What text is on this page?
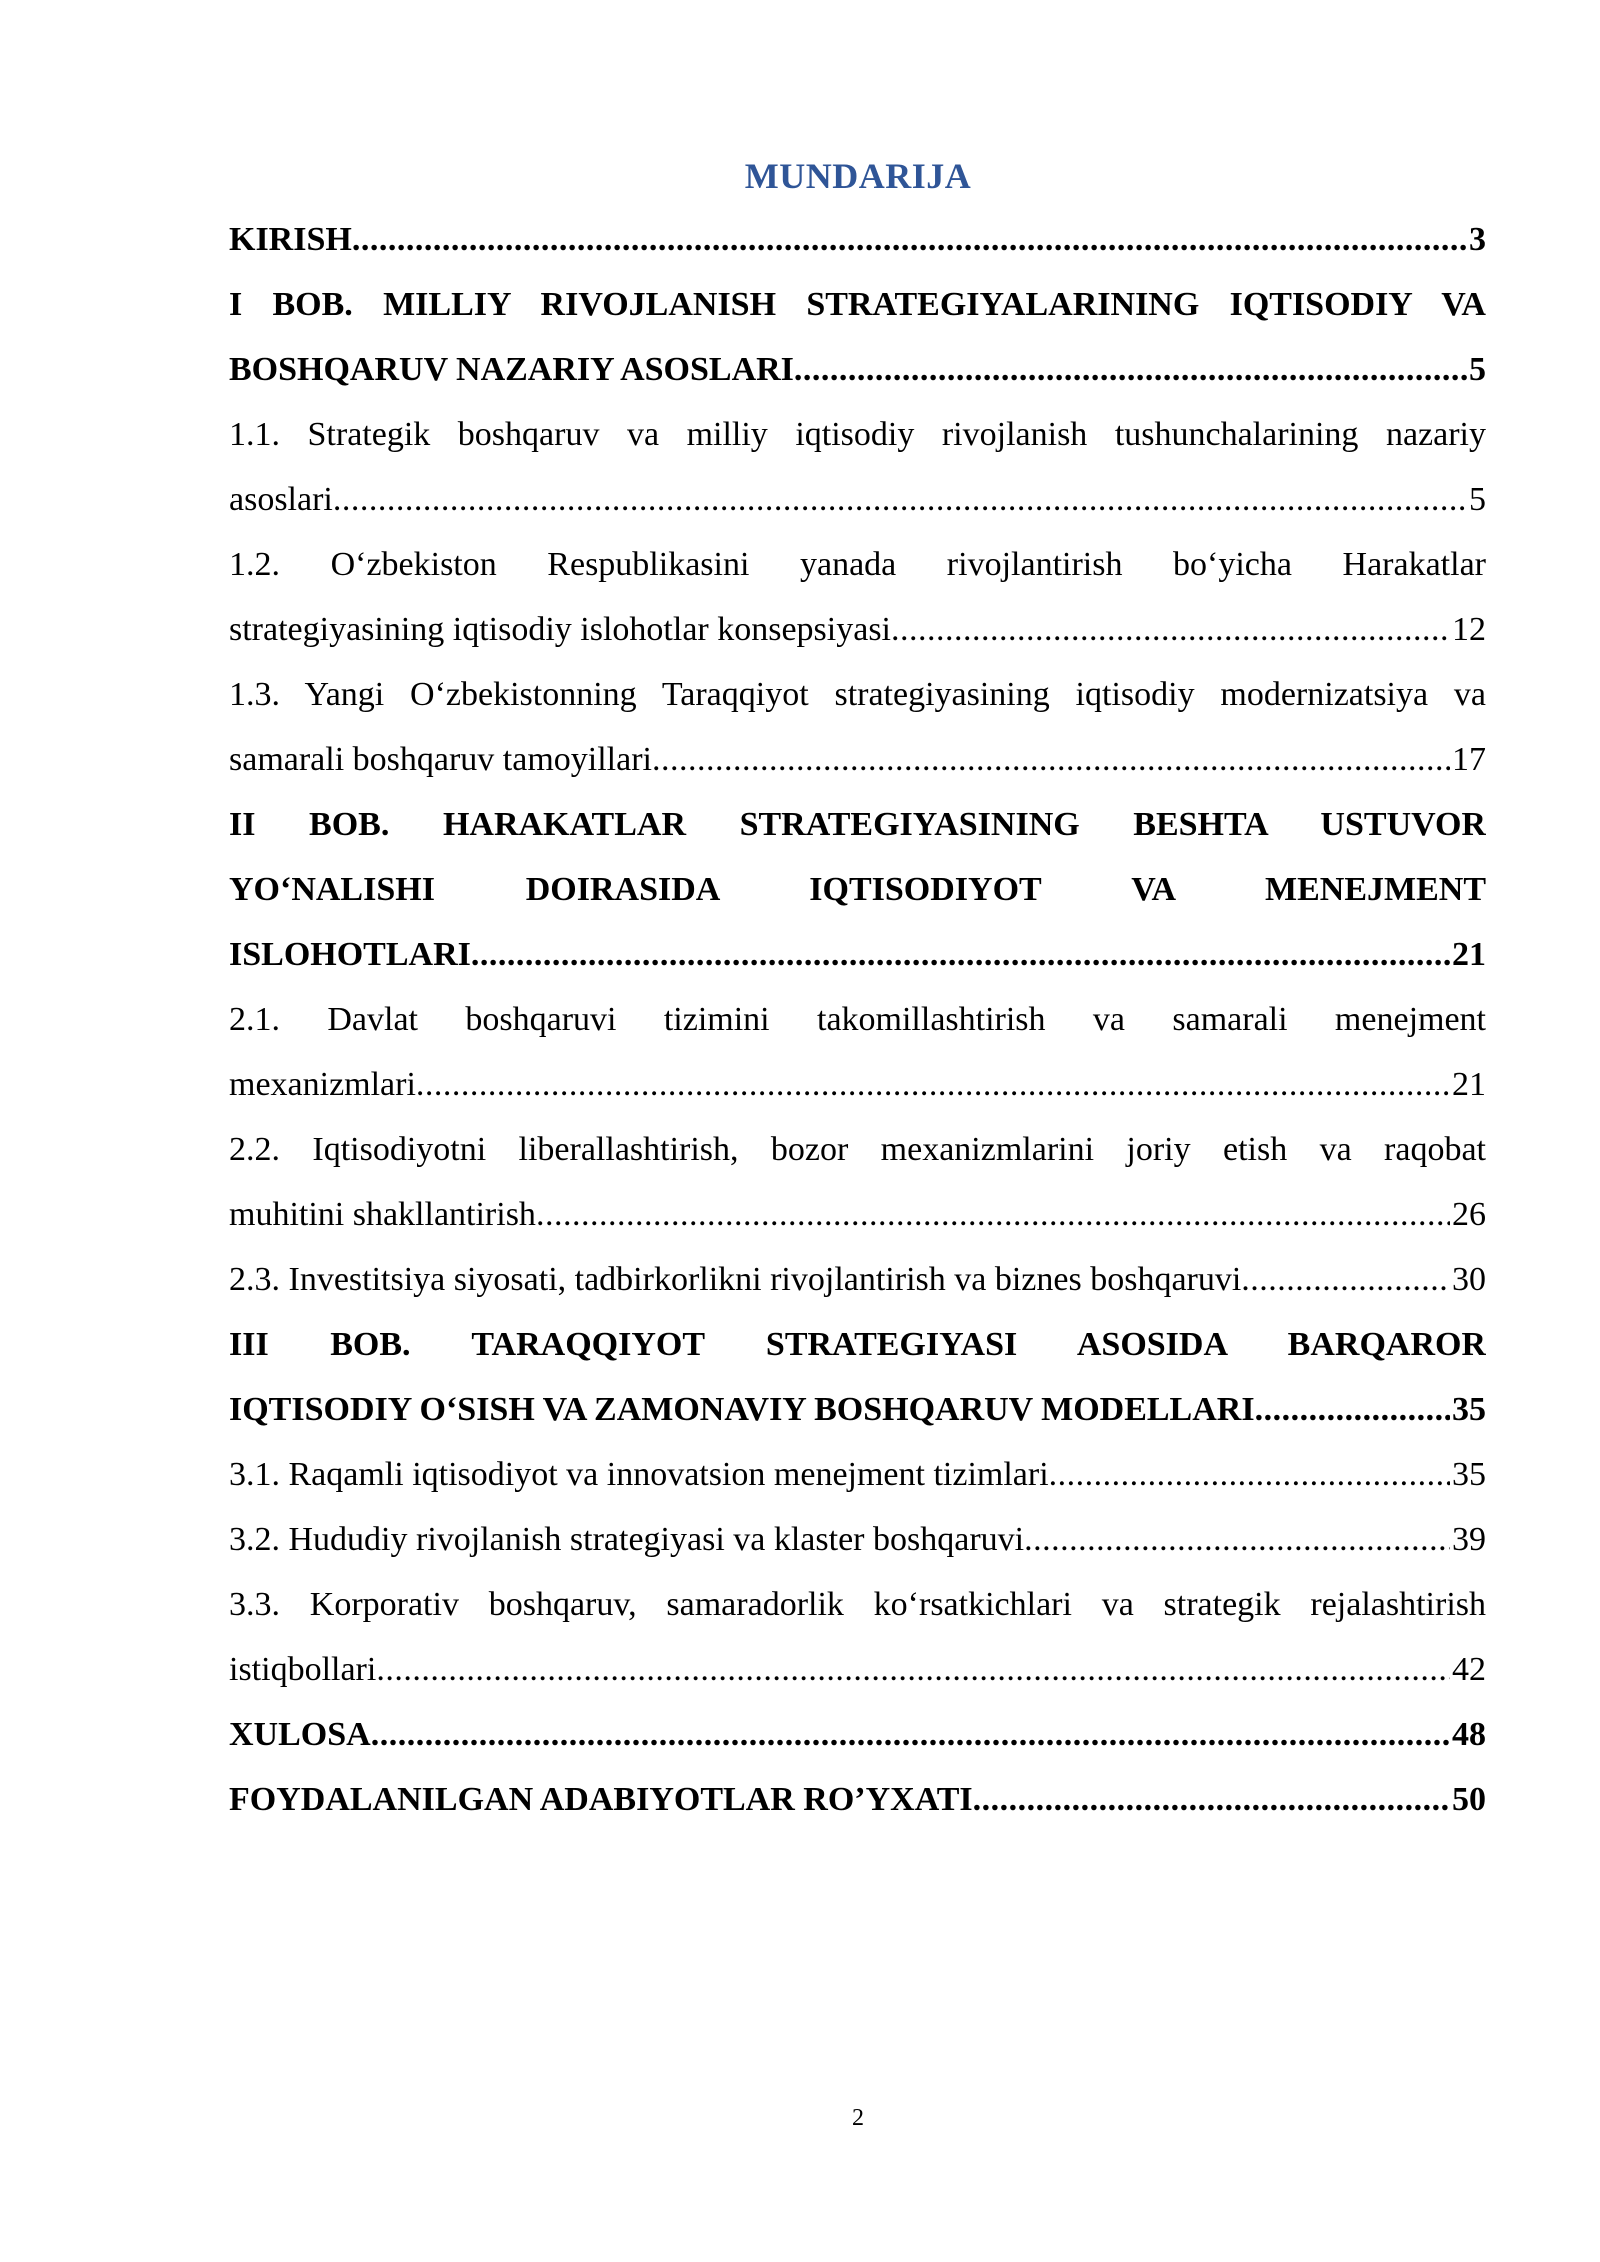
MUNDARIJA
KIRISH .....	3
I BOB. MILLIY RIVOJLANISH STRATEGIYALARINING IQTISODIY VA
BOSHQARUV NAZARIY ASOSLARI .....	5
1.1. Strategik boshqaruv va milliy iqtisodiy rivojlanish tushunchalarining nazariy
asoslari .....	5
1.2. O‘zbekiston Respublikasini yanada rivojlantirish bo‘yicha Harakatlar
strategiyasining iqtisodiy islohotlar konsepsiyasi .....	12
1.3. Yangi O‘zbekistonning Taraqqiyot strategiyasining iqtisodiy modernizatsiya va
samarali boshqaruv tamoyillari .....	17
II BOB. HARAKATLAR STRATEGIYASINING BESHTA USTUVOR
YO‘NALISHI DOIRASIDA IQTISODIYOT VA MENEJMENT
ISLOHOTLARI .....	21
2.1. Davlat boshqaruvi tizimini takomillashtirish va samarali menejment
mexanizmlari .....	21
2.2. Iqtisodiyotni liberallashtirish, bozor mexanizmlarini joriy etish va raqobat
muhitini shakllantirish .....	26
2.3. Investitsiya siyosati, tadbirkorlikni rivojlantirish va biznes boshqaruvi .....	30
III BOB. TARAQQIYOT STRATEGIYASI ASOSIDA BARQAROR
IQTISODIY O‘SISH VA ZAMONAVIY BOSHQARUV MODELLARI .....	35
3.1. Raqamli iqtisodiyot va innovatsion menejment tizimlari .....	35
3.2. Hududiy rivojlanish strategiyasi va klaster boshqaruvi .....	39
3.3. Korporativ boshqaruv, samaradorlik ko‘rsatkichlari va strategik rejalashtirish
istiqbollari .....	42
XULOSA .....	48
FOYDALANILGAN ADABIYOTLAR RO’YXATI .....	50
2
